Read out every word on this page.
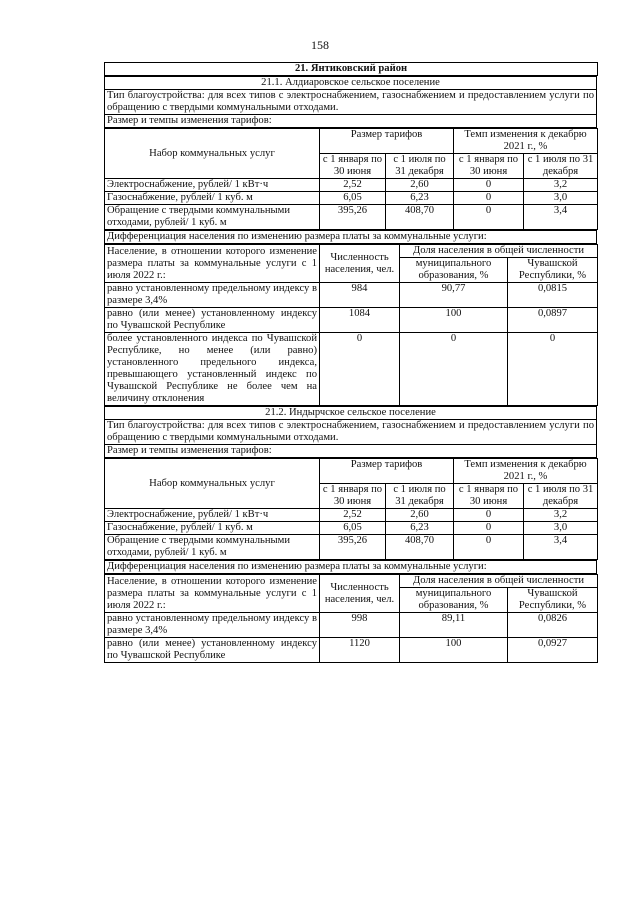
158
21. Янтиковский район
21.1. Алдиаровское сельское поселение
Тип благоустройства: для всех типов с электроснабжением, газоснабжением и предоставлением услуги по обращению с твердыми коммунальными отходами.
Размер и темпы изменения тарифов:
Набор коммунальных услуг	Размер тарифов		Темп изменения к декабрю 2021 г., %	
	с 1 января по 30 июня	с 1 июля по 31 декабря	с 1 января по 30 июня	с 1 июля по 31 декабря
Электроснабжение, рублей/ 1 кВт·ч	2,52	2,60	0	3,2
Газоснабжение, рублей/ 1 куб. м	6,05	6,23	0	3,0
Обращение с твердыми коммунальными отходами, рублей/ 1 куб. м	395,26	408,70	0	3,4
Дифференциация населения по изменению размера платы за коммунальные услуги:
Население, в отношении которого изменение размера платы за коммунальные услуги с 1 июля 2022 г.:	Численность населения, чел.	Доля населения в общей численности	
		муниципального образования, %	Чувашской Республики, %
равно установленному предельному индексу в размере 3,4%	984	90,77	0,0815
равно (или менее) установленному индексу по Чувашской Республике	1084	100	0,0897
более установленного индекса по Чувашской Республике, но менее (или равно) установленного предельного индекса, превышающего установленный индекс по Чувашской Республике не более чем на величину отклонения	0	0	0
21.2. Индырчское сельское поселение
Тип благоустройства: для всех типов с электроснабжением, газоснабжением и предоставлением услуги по обращению с твердыми коммунальными отходами.
Размер и темпы изменения тарифов:
Набор коммунальных услуг	Размер тарифов		Темп изменения к декабрю 2021 г., %	
	с 1 января по 30 июня	с 1 июля по 31 декабря	с 1 января по 30 июня	с 1 июля по 31 декабря
Электроснабжение, рублей/ 1 кВт·ч	2,52	2,60	0	3,2
Газоснабжение, рублей/ 1 куб. м	6,05	6,23	0	3,0
Обращение с твердыми коммунальными отходами, рублей/ 1 куб. м	395,26	408,70	0	3,4
Дифференциация населения по изменению размера платы за коммунальные услуги:
Население, в отношении которого изменение размера платы за коммунальные услуги с 1 июля 2022 г.:	Численность населения, чел.	Доля населения в общей численности	
		муниципального образования, %	Чувашской Республики, %
равно установленному предельному индексу в размере 3,4%	998	89,11	0,0826
равно (или менее) установленному индексу по Чувашской Республике	1120	100	0,0927
